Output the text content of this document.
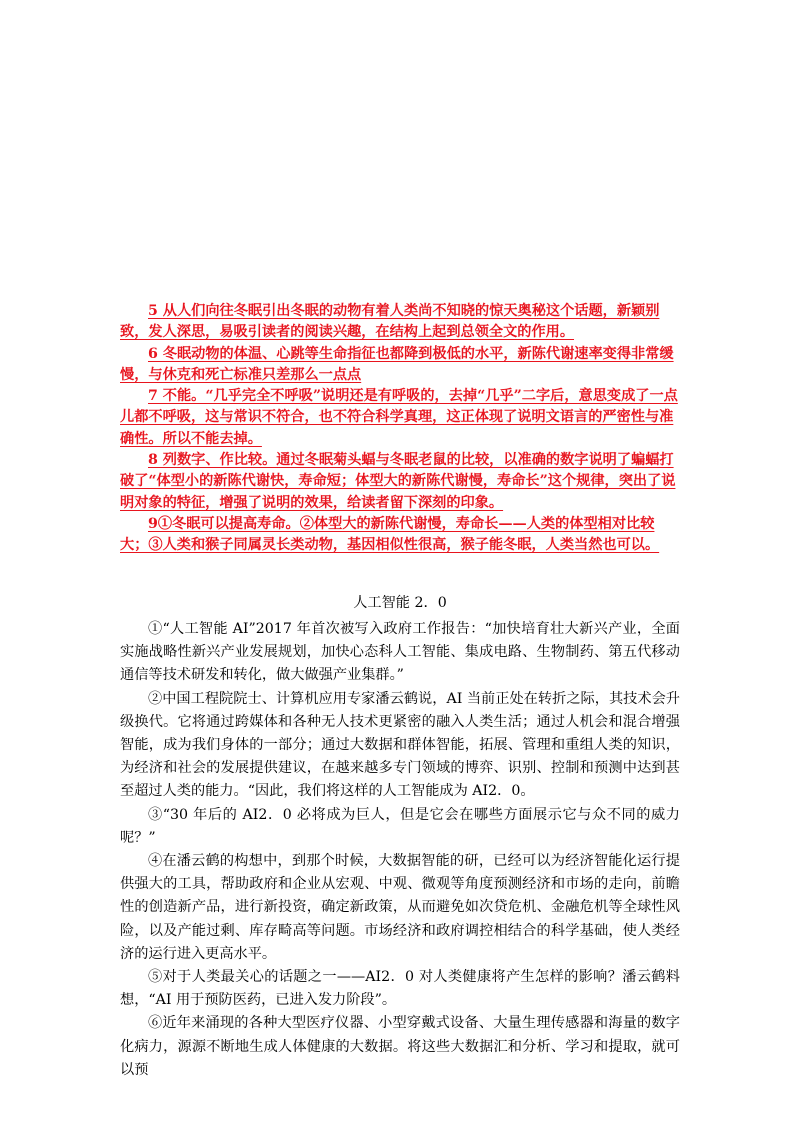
5 从人们向往冬眠引出冬眠的动物有着人类尚不知晓的惊天奥秘这个话题，新颖别致，发人深思，易吸引读者的阅读兴趣，在结构上起到总领全文的作用。

6 冬眠动物的体温、心跳等生命指征也都降到极低的水平，新陈代谢速率变得非常缓慢，与休克和死亡标准只差那么一点点

7 不能。“几乎完全不呼吸”说明还是有呼吸的，去掉“几乎”二字后，意思变成了一点儿都不呼吸，这与常识不符合，也不符合科学真理，这正体现了说明文语言的严密性与准确性。所以不能去掉。

8 列数字、作比较。通过冬眠菊头蝠与冬眠老鼠的比较，以准确的数字说明了蝙蝠打破了“体型小的新陈代谢快，寿命短；体型大的新陈代谢慢，寿命长”这个规律，突出了说明对象的特征，增强了说明的效果，给读者留下深刻的印象。

9①冬眠可以提高寿命。②体型大的新陈代谢慢，寿命长——人类的体型相对比较大；③人类和猴子同属灵长类动物，基因相似性很高，猴子能冬眠，人类当然也可以。

人工智能 2．0

①“人工智能 AI”2017 年首次被写入政府工作报告：“加快培育壮大新兴产业，全面实施战略性新兴产业发展规划，加快心态科人工智能、集成电路、生物制药、第五代移动通信等技术研发和转化，做大做强产业集群。”

②中国工程院院士、计算机应用专家潘云鹤说，AI 当前正处在转折之际，其技术会升级换代。它将通过跨媒体和各种无人技术更紧密的融入人类生活；通过人机会和混合增强智能，成为我们身体的一部分；通过大数据和群体智能，拓展、管理和重组人类的知识，为经济和社会的发展提供建议，在越来越多专门领域的博弈、识别、控制和预测中达到甚至超过人类的能力。“因此，我们将这样的人工智能成为 AI2．0。

③“30 年后的 AI2．0 必将成为巨人，但是它会在哪些方面展示它与众不同的威力呢？”

④在潘云鹤的构想中，到那个时候，大数据智能的研，已经可以为经济智能化运行提供强大的工具，帮助政府和企业从宏观、中观、微观等角度预测经济和市场的走向，前瞻性的创造新产品，进行新投资，确定新政策，从而避免如次贷危机、金融危机等全球性风险，以及产能过剩、库存畸高等问题。市场经济和政府调控相结合的科学基础，使人类经济的运行进入更高水平。

⑤对于人类最关心的话题之一——AI2．0 对人类健康将产生怎样的影响？潘云鹤料想，“AI 用于预防医药，已进入发力阶段”。

⑥近年来涌现的各种大型医疗仪器、小型穿戴式设备、大量生理传感器和海量的数字化病力，源源不断地生成人体健康的大数据。将这些大数据汇和分析、学习和提取，就可以预
